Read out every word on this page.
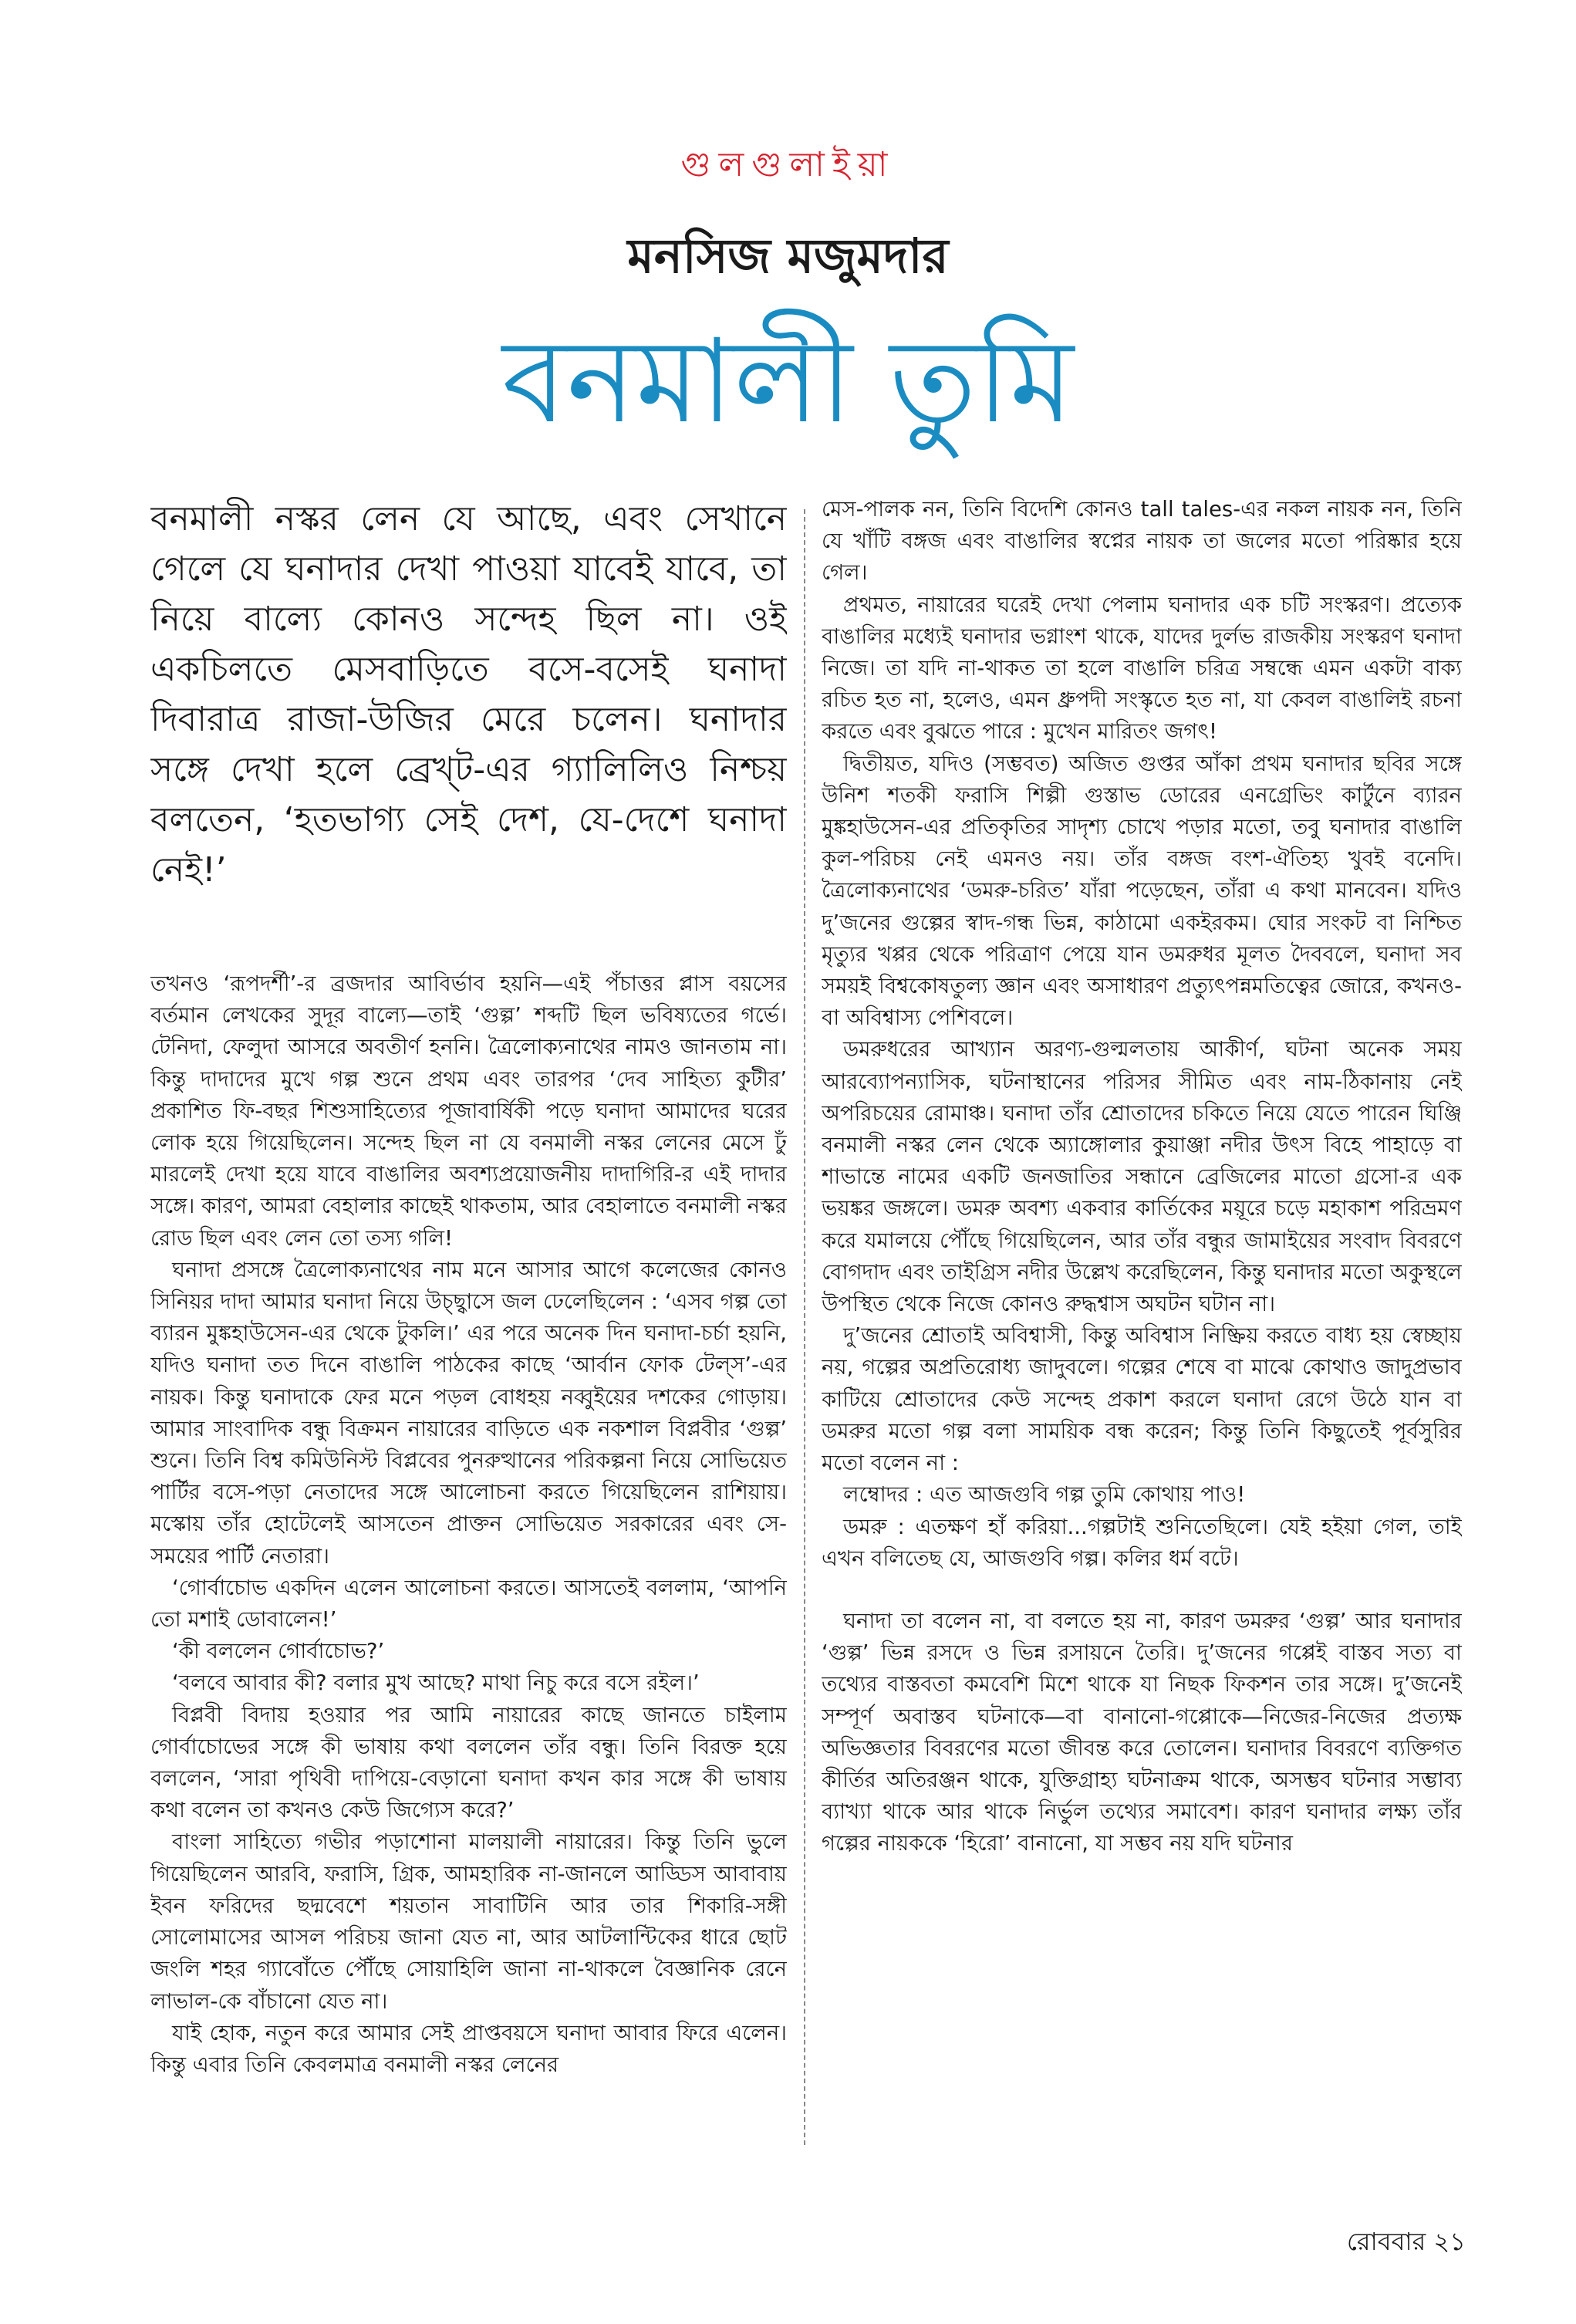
গুলগুলাইয়া
মনসিজ মজুমদার
বনমালী তুমি

বনমালী নস্কর লেন যে আছে, এবং সেখানে গেলে যে ঘনাদার দেখা পাওয়া যাবেই যাবে, তা নিয়ে বাল্যে কোনও সন্দেহ ছিল না। ওই একচিলতে মেসবাড়িতে বসে-বসেই ঘনাদা দিবারাত্র রাজা-উজির মেরে চলেন। ঘনাদার সঙ্গে দেখা হলে ব্রেখ্‌ট-এর গ্যালিলিও নিশ্চয় বলতেন, ‘হতভাগ্য সেই দেশ, যে-দেশে ঘনাদা নেই!’

তখনও ‘রূপদর্শী’-র ব্রজদার আবির্ভাব হয়নি—এই পঁচাত্তর প্লাস বয়সের বর্তমান লেখকের সুদূর বাল্যে—তাই ‘গুল্প’ শব্দটি ছিল ভবিষ্যতের গর্ভে। টেনিদা, ফেলুদা আসরে অবতীর্ণ হননি। ত্রৈলোক্যনাথের নামও জানতাম না। কিন্তু দাদাদের মুখে গল্প শুনে প্রথম এবং তারপর ‘দেব সাহিত্য কুটীর’ প্রকাশিত ফি-বছর শিশুসাহিত্যের পূজাবার্ষিকী পড়ে ঘনাদা আমাদের ঘরের লোক হয়ে গিয়েছিলেন। সন্দেহ ছিল না যে বনমালী নস্কর লেনের মেসে ঢুঁ মারলেই দেখা হয়ে যাবে বাঙালির অবশ্যপ্রয়োজনীয় দাদাগিরি-র এই দাদার সঙ্গে। কারণ, আমরা বেহালার কাছেই থাকতাম, আর বেহালাতে বনমালী নস্কর রোড ছিল এবং লেন তো তস্য গলি!

ঘনাদা প্রসঙ্গে ত্রৈলোক্যনাথের নাম মনে আসার আগে কলেজের কোনও সিনিয়র দাদা আমার ঘনাদা নিয়ে উচ্ছ্বাসে জল ঢেলেছিলেন : ‘এসব গল্প তো ব্যারন মুঙ্কহাউসেন-এর থেকে টুকলি।’ এর পরে অনেক দিন ঘনাদা-চর্চা হয়নি, যদিও ঘনাদা তত দিনে বাঙালি পাঠকের কাছে ‘আর্বান ফোক টেল্‌স’-এর নায়ক। কিন্তু ঘনাদাকে ফের মনে পড়ল বোধহয় নব্বুইয়ের দশকের গোড়ায়। আমার সাংবাদিক বন্ধু বিক্রমন নায়ারের বাড়িতে এক নকশাল বিপ্লবীর ‘গুল্প’ শুনে। তিনি বিশ্ব কমিউনিস্ট বিপ্লবের পুনরুত্থানের পরিকল্পনা নিয়ে সোভিয়েত পার্টির বসে-পড়া নেতাদের সঙ্গে আলোচনা করতে গিয়েছিলেন রাশিয়ায়। মস্কোয় তাঁর হোটেলেই আসতেন প্রাক্তন সোভিয়েত সরকারের এবং সে-সময়ের পার্টি নেতারা।

‘গোর্বাচোভ একদিন এলেন আলোচনা করতে। আসতেই বললাম, ‘আপনি তো মশাই ডোবালেন!’

‘কী বললেন গোর্বাচোভ?’

‘বলবে আবার কী? বলার মুখ আছে? মাথা নিচু করে বসে রইল।’

বিপ্লবী বিদায় হওয়ার পর আমি নায়ারের কাছে জানতে চাইলাম গোর্বাচোভের সঙ্গে কী ভাষায় কথা বললেন তাঁর বন্ধু। তিনি বিরক্ত হয়ে বললেন, ‘সারা পৃথিবী দাপিয়ে-বেড়ানো ঘনাদা কখন কার সঙ্গে কী ভাষায় কথা বলেন তা কখনও কেউ জিগ্যেস করে?’

বাংলা সাহিত্যে গভীর পড়াশোনা মালয়ালী নায়ারের। কিন্তু তিনি ভুলে গিয়েছিলেন আরবি, ফরাসি, গ্রিক, আমহারিক না-জানলে আড্ডিস আবাবায় ইবন ফরিদের ছদ্মবেশে শয়তান সাবাটিনি আর তার শিকারি-সঙ্গী সোলোমাসের আসল পরিচয় জানা যেত না, আর আটলান্টিকের ধারে ছোট জংলি শহর গ্যাবোঁতে পৌঁছে সোয়াহিলি জানা না-থাকলে বৈজ্ঞানিক রেনে লাভাল-কে বাঁচানো যেত না।

যাই হোক, নতুন করে আমার সেই প্রাপ্তবয়সে ঘনাদা আবার ফিরে এলেন। কিন্তু এবার তিনি কেবলমাত্র বনমালী নস্কর লেনের

মেস-পালক নন, তিনি বিদেশি কোনও tall tales-এর নকল নায়ক নন, তিনি যে খাঁটি বঙ্গজ এবং বাঙালির স্বপ্নের নায়ক তা জলের মতো পরিষ্কার হয়ে গেল।

প্রথমত, নায়ারের ঘরেই দেখা পেলাম ঘনাদার এক চটি সংস্করণ। প্রত্যেক বাঙালির মধ্যেই ঘনাদার ভগ্নাংশ থাকে, যাদের দুর্লভ রাজকীয় সংস্করণ ঘনাদা নিজে। তা যদি না-থাকত তা হলে বাঙালি চরিত্র সম্বন্ধে এমন একটা বাক্য রচিত হত না, হলেও, এমন ধ্রুপদী সংস্কৃতে হত না, যা কেবল বাঙালিই রচনা করতে এবং বুঝতে পারে : মুখেন মারিতং জগৎ!

দ্বিতীয়ত, যদিও (সম্ভবত) অজিত গুপ্তর আঁকা প্রথম ঘনাদার ছবির সঙ্গে উনিশ শতকী ফরাসি শিল্পী গুস্তাভ ডোরের এনগ্রেভিং কার্টুনে ব্যারন মুঙ্কহাউসেন-এর প্রতিকৃতির সাদৃশ্য চোখে পড়ার মতো, তবু ঘনাদার বাঙালি কুল-পরিচয় নেই এমনও নয়। তাঁর বঙ্গজ বংশ-ঐতিহ্য খুবই বনেদি। ত্রৈলোক্যনাথের ‘ডমরু-চরিত’ যাঁরা পড়েছেন, তাঁরা এ কথা মানবেন। যদিও দু’জনের গুল্পের স্বাদ-গন্ধ ভিন্ন, কাঠামো একইরকম। ঘোর সংকট বা নিশ্চিত মৃত্যুর খপ্পর থেকে পরিত্রাণ পেয়ে যান ডমরুধর মূলত দৈববলে, ঘনাদা সব সময়ই বিশ্বকোষতুল্য জ্ঞান এবং অসাধারণ প্রত্যুৎপন্নমতিত্বের জোরে, কখনও-বা অবিশ্বাস্য পেশিবলে।

ডমরুধরের আখ্যান অরণ্য-গুল্মলতায় আকীর্ণ, ঘটনা অনেক সময় আরব্যোপন্যাসিক, ঘটনাস্থানের পরিসর সীমিত এবং নাম-ঠিকানায় নেই অপরিচয়ের রোমাঞ্চ। ঘনাদা তাঁর শ্রোতাদের চকিতে নিয়ে যেতে পারেন ঘিঞ্জি বনমালী নস্কর লেন থেকে অ্যাঙ্গোলার কুয়াঞ্জা নদীর উৎস বিহে পাহাড়ে বা শাভান্তে নামের একটি জনজাতির সন্ধানে ব্রেজিলের মাতো গ্রসো-র এক ভয়ঙ্কর জঙ্গলে। ডমরু অবশ্য একবার কার্তিকের ময়ূরে চড়ে মহাকাশ পরিভ্রমণ করে যমালয়ে পৌঁছে গিয়েছিলেন, আর তাঁর বন্ধুর জামাইয়ের সংবাদ বিবরণে বোগদাদ এবং তাইগ্রিস নদীর উল্লেখ করেছিলেন, কিন্তু ঘনাদার মতো অকুস্থলে উপস্থিত থেকে নিজে কোনও রুদ্ধশ্বাস অঘটন ঘটান না।

দু’জনের শ্রোতাই অবিশ্বাসী, কিন্তু অবিশ্বাস নিষ্ক্রিয় করতে বাধ্য হয় স্বেচ্ছায় নয়, গল্পের অপ্রতিরোধ্য জাদুবলে। গল্পের শেষে বা মাঝে কোথাও জাদুপ্রভাব কাটিয়ে শ্রোতাদের কেউ সন্দেহ প্রকাশ করলে ঘনাদা রেগে উঠে যান বা ডমরুর মতো গল্প বলা সাময়িক বন্ধ করেন; কিন্তু তিনি কিছুতেই পূর্বসুরির মতো বলেন না :

লম্বোদর : এত আজগুবি গল্প তুমি কোথায় পাও!

ডমরু : এতক্ষণ হাঁ করিয়া...গল্পটাই শুনিতেছিলে। যেই হইয়া গেল, তাই এখন বলিতেছ যে, আজগুবি গল্প। কলির ধর্ম বটে।

ঘনাদা তা বলেন না, বা বলতে হয় না, কারণ ডমরুর ‘গুল্প’ আর ঘনাদার ‘গুল্প’ ভিন্ন রসদে ও ভিন্ন রসায়নে তৈরি। দু’জনের গপ্পেই বাস্তব সত্য বা তথ্যের বাস্তবতা কমবেশি মিশে থাকে যা নিছক ফিকশন তার সঙ্গে। দু’জনেই সম্পূর্ণ অবাস্তব ঘটনাকে—বা বানানো-গপ্পোকে—নিজের-নিজের প্রত্যক্ষ অভিজ্ঞতার বিবরণের মতো জীবন্ত করে তোলেন। ঘনাদার বিবরণে ব্যক্তিগত কীর্তির অতিরঞ্জন থাকে, যুক্তিগ্রাহ্য ঘটনাক্রম থাকে, অসম্ভব ঘটনার সম্ভাব্য ব্যাখ্যা থাকে আর থাকে নির্ভুল তথ্যের সমাবেশ। কারণ ঘনাদার লক্ষ্য তাঁর গল্পের নায়ককে ‘হিরো’ বানানো, যা সম্ভব নয় যদি ঘটনার

রোববার ২১
